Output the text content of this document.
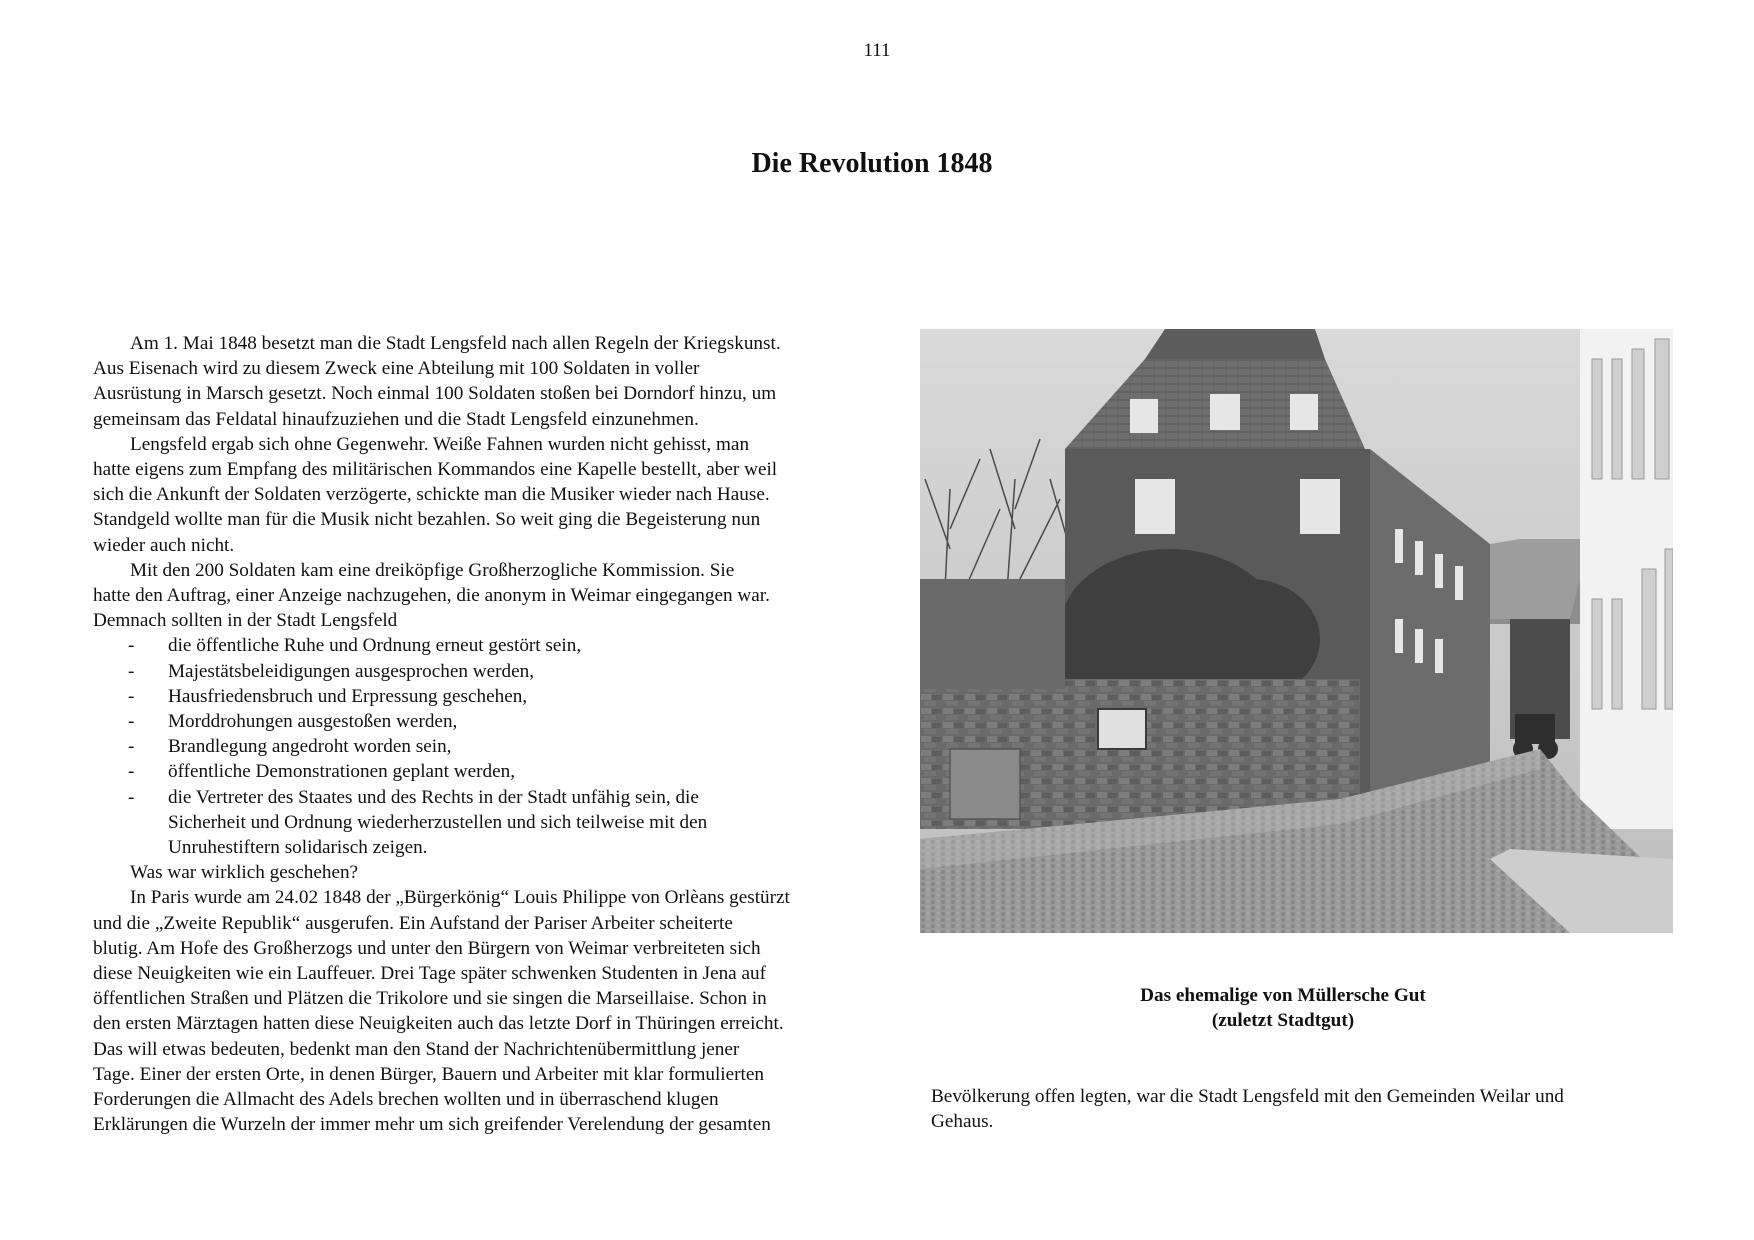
111
Die Revolution 1848

Am 1. Mai 1848 besetzt man die Stadt Lengsfeld nach allen Regeln der Kriegskunst.
Aus Eisenach wird zu diesem Zweck eine Abteilung mit 100 Soldaten in voller
Ausrüstung in Marsch gesetzt. Noch einmal 100 Soldaten stoßen bei Dorndorf hinzu, um
gemeinsam das Feldatal hinaufzuziehen und die Stadt Lengsfeld einzunehmen.

Lengsfeld ergab sich ohne Gegenwehr. Weiße Fahnen wurden nicht gehisst, man
hatte eigens zum Empfang des militärischen Kommandos eine Kapelle bestellt, aber weil
sich die Ankunft der Soldaten verzögerte, schickte man die Musiker wieder nach Hause.
Standgeld wollte man für die Musik nicht bezahlen. So weit ging die Begeisterung nun
wieder auch nicht.

Mit den 200 Soldaten kam eine dreiköpfige Großherzogliche Kommission. Sie
hatte den Auftrag, einer Anzeige nachzugehen, die anonym in Weimar eingegangen war.
Demnach sollten in der Stadt Lengsfeld

- die öffentliche Ruhe und Ordnung erneut gestört sein,
- Majestätsbeleidigungen ausgesprochen werden,
- Hausfriedensbruch und Erpressung geschehen,
- Morddrohungen ausgestoßen werden,
- Brandlegung angedroht worden sein,
- öffentliche Demonstrationen geplant werden,
- die Vertreter des Staates und des Rechts in der Stadt unfähig sein, die
Sicherheit und Ordnung wiederherzustellen und sich teilweise mit den
Unruhestiftern solidarisch zeigen.

Was war wirklich geschehen?

In Paris wurde am 24.02 1848 der „Bürgerkönig“ Louis Philippe von Orlèans gestürzt
und die „Zweite Republik“ ausgerufen. Ein Aufstand der Pariser Arbeiter scheiterte
blutig. Am Hofe des Großherzogs und unter den Bürgern von Weimar verbreiteten sich
diese Neuigkeiten wie ein Lauffeuer. Drei Tage später schwenken Studenten in Jena auf
öffentlichen Straßen und Plätzen die Trikolore und sie singen die Marseillaise. Schon in
den ersten Märztagen hatten diese Neuigkeiten auch das letzte Dorf in Thüringen erreicht.
Das will etwas bedeuten, bedenkt man den Stand der Nachrichtenübermittlung jener
Tage. Einer der ersten Orte, in denen Bürger, Bauern und Arbeiter mit klar formulierten
Forderungen die Allmacht des Adels brechen wollten und in überraschend klugen
Erklärungen die Wurzeln der immer mehr um sich greifender Verelendung der gesamten

Das ehemalige von Müllersche Gut
(zuletzt Stadtgut)
Bevölkerung offen legten, war die Stadt Lengsfeld mit den Gemeinden Weilar und
Gehaus.
